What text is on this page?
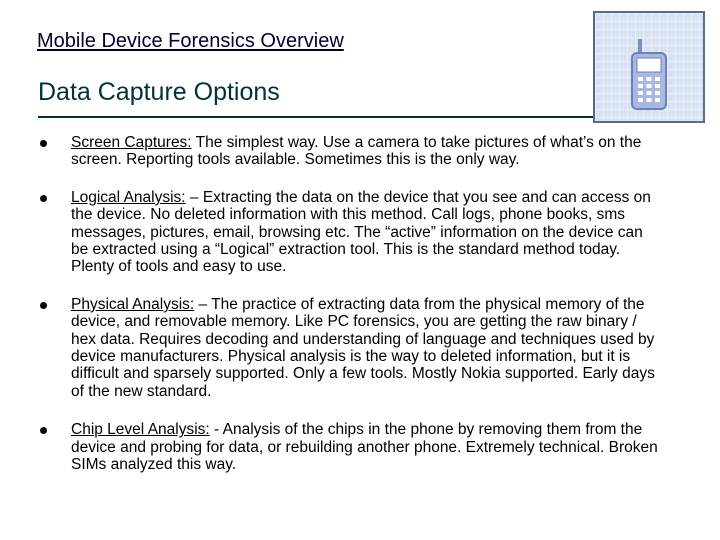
Mobile Device Forensics Overview
Data Capture Options
Screen Captures: The simplest way. Use a camera to take pictures of what’s on the screen. Reporting tools available. Sometimes this is the only way.
Logical Analysis: – Extracting the data on the device that you see and can access on the device. No deleted information with this method. Call logs, phone books, sms messages, pictures, email, browsing etc. The “active” information on the device can be extracted using a “Logical” extraction tool. This is the standard method today. Plenty of tools and easy to use.
Physical Analysis: – The practice of extracting data from the physical memory of the device, and removable memory. Like PC forensics, you are getting the raw binary / hex data. Requires decoding and understanding of language and techniques used by device manufacturers. Physical analysis is the way to deleted information, but it is difficult and sparsely supported. Only a few tools. Mostly Nokia supported. Early days of the new standard.
Chip Level Analysis: - Analysis of the chips in the phone by removing them from the device and probing for data, or rebuilding another phone. Extremely technical. Broken SIMs analyzed this way.
